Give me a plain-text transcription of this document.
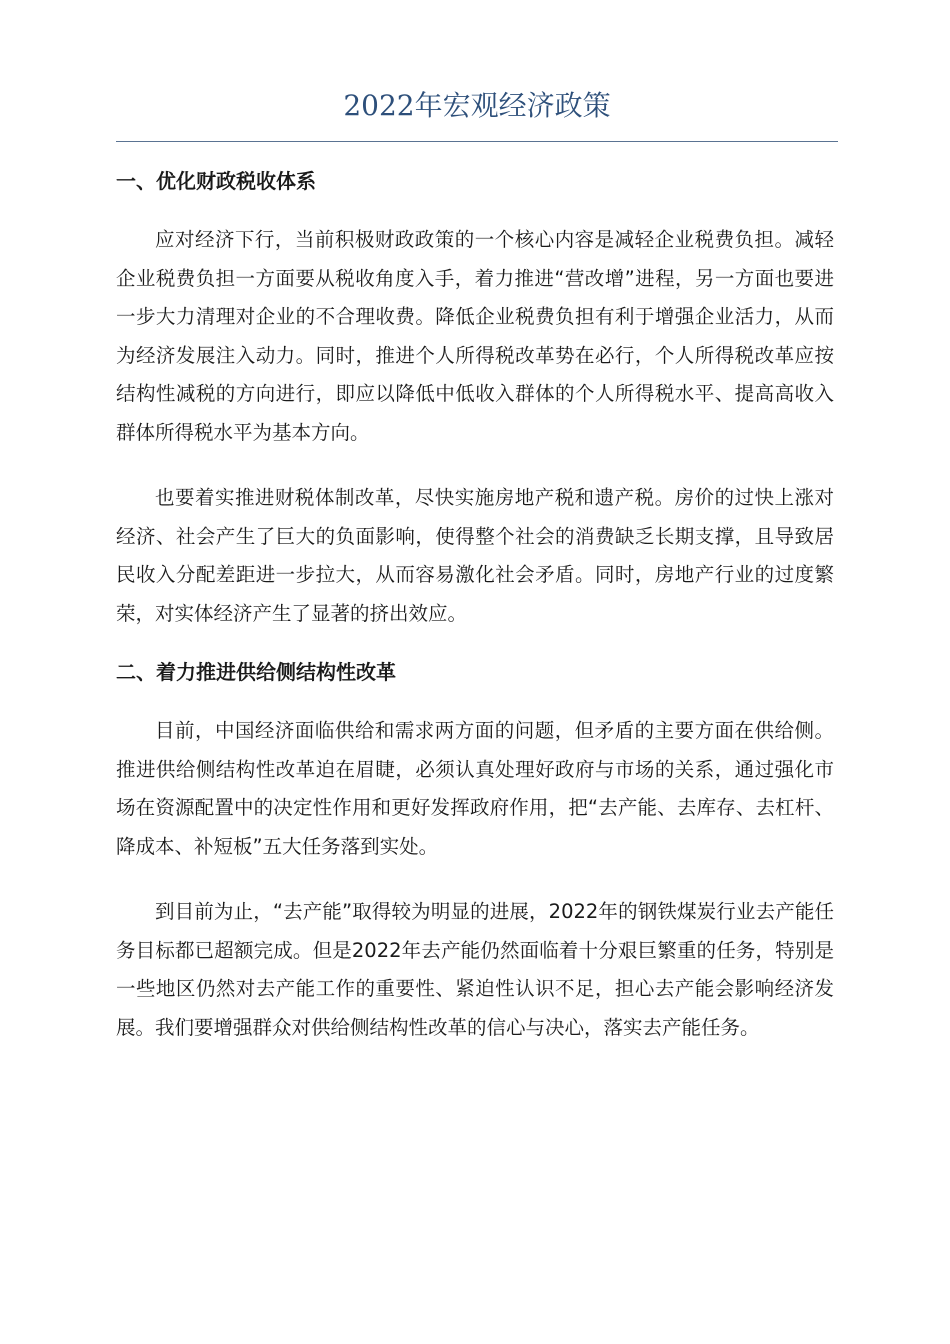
2022年宏观经济政策
一、优化财政税收体系

应对经济下行，当前积极财政政策的一个核心内容是减轻企业税费负担。减轻企业税费负担一方面要从税收角度入手，着力推进“营改增”进程，另一方面也要进一步大力清理对企业的不合理收费。降低企业税费负担有利于增强企业活力，从而为经济发展注入动力。同时，推进个人所得税改革势在必行，个人所得税改革应按结构性减税的方向进行，即应以降低中低收入群体的个人所得税水平、提高高收入群体所得税水平为基本方向。

也要着实推进财税体制改革，尽快实施房地产税和遗产税。房价的过快上涨对经济、社会产生了巨大的负面影响，使得整个社会的消费缺乏长期支撑，且导致居民收入分配差距进一步拉大，从而容易激化社会矛盾。同时，房地产行业的过度繁荣，对实体经济产生了显著的挤出效应。

二、着力推进供给侧结构性改革

目前，中国经济面临供给和需求两方面的问题，但矛盾的主要方面在供给侧。推进供给侧结构性改革迫在眉睫，必须认真处理好政府与市场的关系，通过强化市场在资源配置中的决定性作用和更好发挥政府作用，把“去产能、去库存、去杠杆、降成本、补短板”五大任务落到实处。

到目前为止，“去产能”取得较为明显的进展，2022年的钢铁煤炭行业去产能任务目标都已超额完成。但是2022年去产能仍然面临着十分艰巨繁重的任务，特别是一些地区仍然对去产能工作的重要性、紧迫性认识不足，担心去产能会影响经济发展。我们要增强群众对供给侧结构性改革的信心与决心，落实去产能任务。
